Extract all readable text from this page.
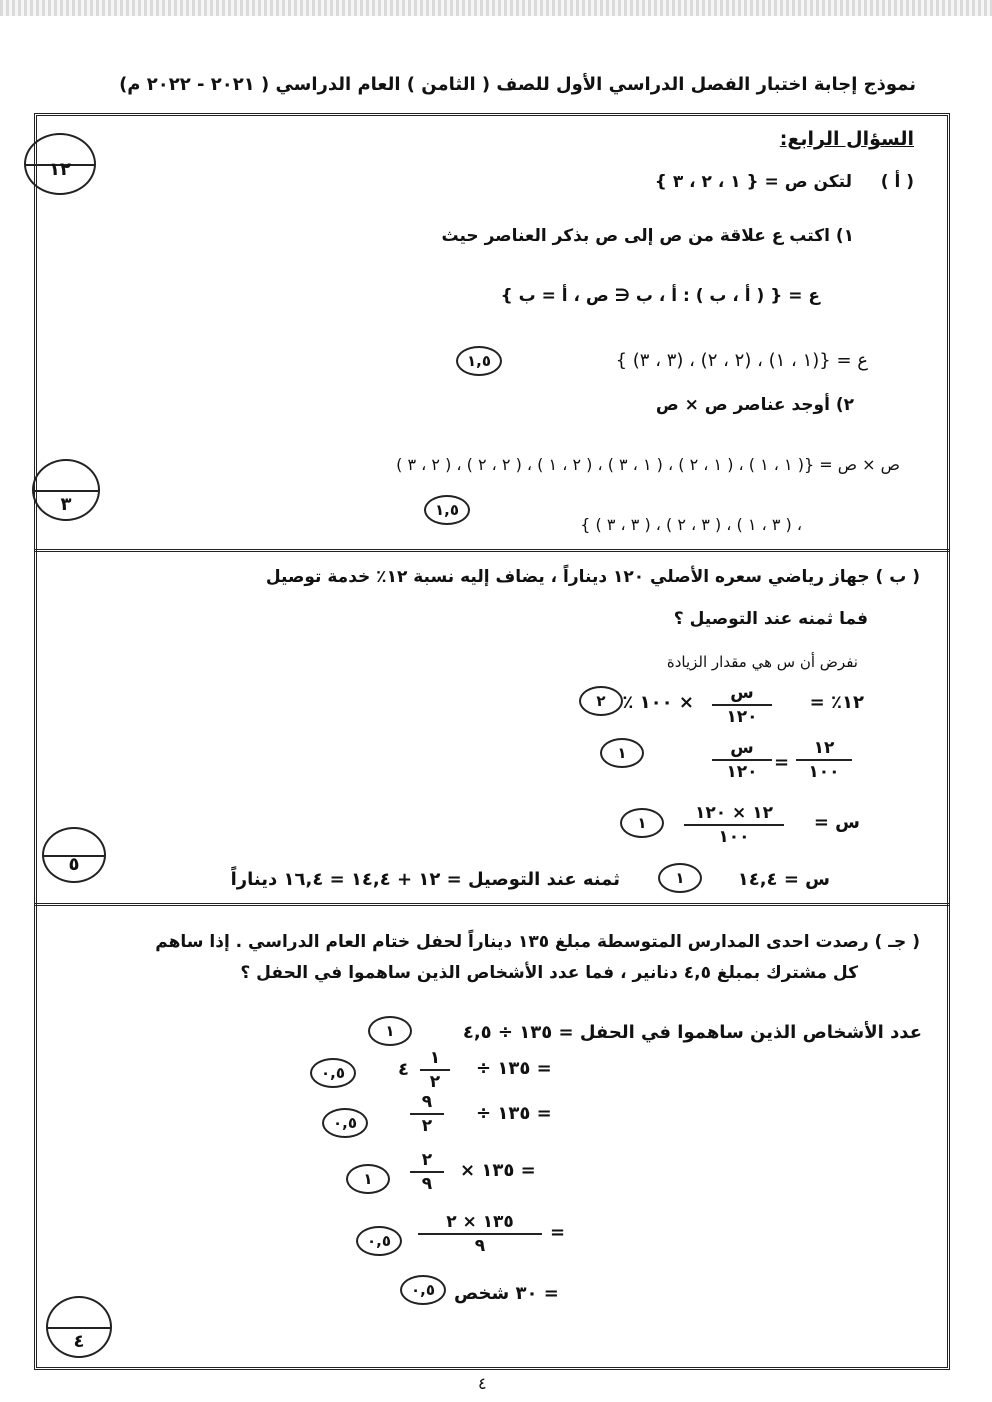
نموذج إجابة اختبار الفصل الدراسي الأول للصف ( الثامن ) العام الدراسي ( ٢٠٢١ - ٢٠٢٢ م)
السؤال الرابع:
١٢
٣
( أ )
لتكن ص = { ١ ، ٢ ، ٣ }
١) اكتب ع علاقة من ص إلى ص بذكر العناصر حيث
ع = { ( أ ، ب ) : أ ، ب ∈ ص ، أ = ب }
ع = {(١ ، ١) ، (٢ ، ٢) ، (٣ ، ٣) }
١,٥
٢) أوجد عناصر ص × ص
ص × ص = {( ١ ، ١ ) ، ( ١ ، ٢ ) ، ( ١ ، ٣ ) ، ( ٢ ، ١ ) ، ( ٢ ، ٢ ) ، ( ٢ ، ٣ )
١,٥
، ( ٣ ، ١ ) ، ( ٣ ، ٢ ) ، ( ٣ ، ٣ ) }
( ب ) جهاز رياضي سعره الأصلي ١٢٠ ديناراً ، يضاف إليه نسبة ١٢٪ خدمة توصيل
فما ثمنه عند التوصيل ؟
نفرض أن س هي مقدار الزيادة
١٢٪ =
س
١٢٠
× ١٠٠ ٪
٢
١٢
١٠٠
=
س
١٢٠
١
س =
١٢ × ١٢٠
١٠٠
١
٥
س = ١٤,٤
١
ثمنه عند التوصيل = ١٢ + ١٤,٤ = ١٦,٤ ديناراً
( جـ ) رصدت احدى المدارس المتوسطة مبلغ ١٣٥ ديناراً لحفل ختام العام الدراسي . إذا ساهم
كل مشترك بمبلغ ٤,٥ دنانير ، فما عدد الأشخاص الذين ساهموا في الحفل ؟
عدد الأشخاص الذين ساهموا في الحفل = ١٣٥ ÷ ٤,٥
١
= ١٣٥ ÷
١
٢
٤
٠,٥
= ١٣٥ ÷
٩
٢
٠,٥
= ١٣٥ ×
٢
٩
١
=
١٣٥ × ٢
٩
٠,٥
= ٣٠ شخص
٠,٥
٤
٤
